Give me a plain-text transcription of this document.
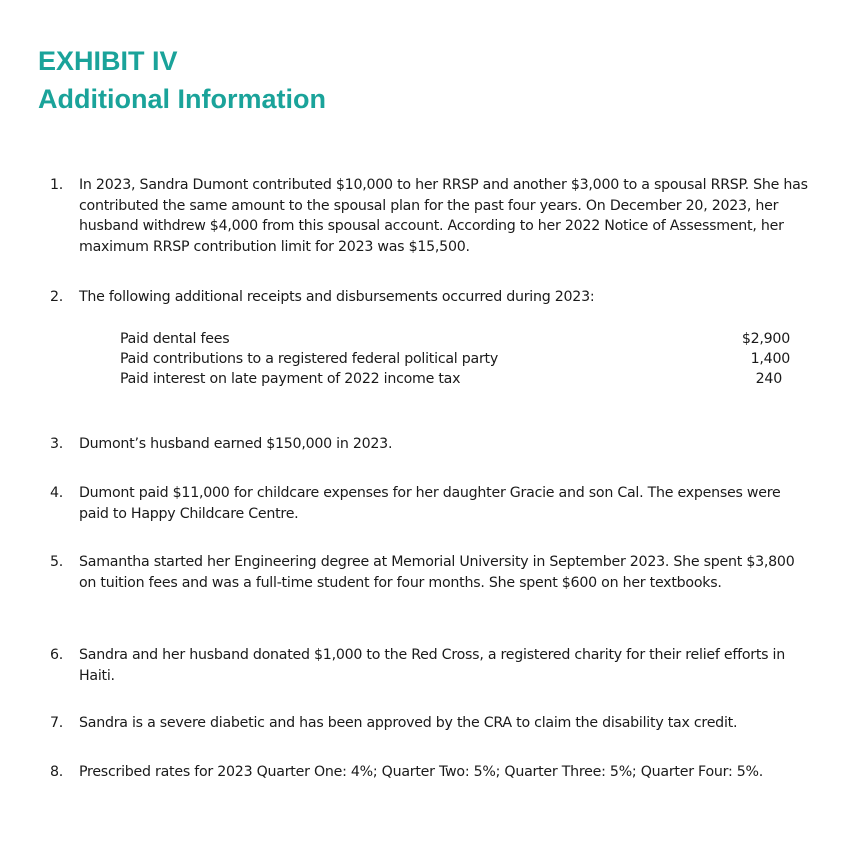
EXHIBIT IV
Additional Information
1.	In 2023, Sandra Dumont contributed $10,000 to her RRSP and another $3,000 to a spousal RRSP. She has contributed the same amount to the spousal plan for the past four years. On December 20, 2023, her husband withdrew $4,000 from this spousal account. According to her 2022 Notice of Assessment, her maximum RRSP contribution limit for 2023 was $15,500.
2.	The following additional receipts and disbursements occurred during 2023:
3.	Dumont’s husband earned $150,000 in 2023.
4.	Dumont paid $11,000 for childcare expenses for her daughter Gracie and son Cal. The expenses were paid to Happy Childcare Centre.
5.	Samantha started her Engineering degree at Memorial University in September 2023. She spent $3,800 on tuition fees and was a full-time student for four months. She spent $600 on her textbooks.
6.	Sandra and her husband donated $1,000 to the Red Cross, a registered charity for their relief efforts in Haiti.
7.	Sandra is a severe diabetic and has been approved by the CRA to claim the disability tax credit.
8.	Prescribed rates for 2023 Quarter One: 4%; Quarter Two: 5%; Quarter Three: 5%; Quarter Four: 5%.
Paid dental fees	$2,900
Paid contributions to a registered federal political party	1,400
Paid interest on late payment of 2022 income tax	240
